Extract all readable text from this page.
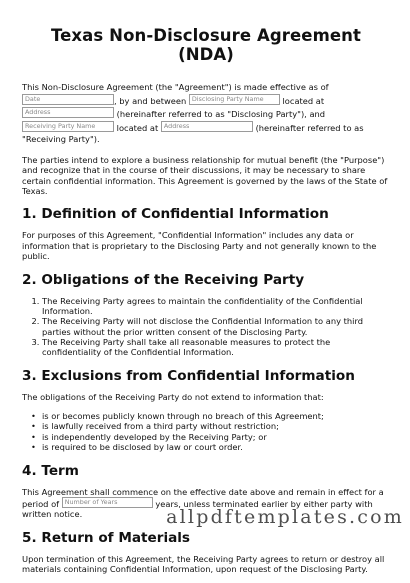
Texas Non-Disclosure Agreement (NDA)

This Non-Disclosure Agreement (the "Agreement") is made effective as of
Date	, by and between Disclosing Party Name located at
Address	(hereinafter referred to as "Disclosing Party"), and
Receiving Party Name	located at Address	(hereinafter referred to as "Receiving Party").

The parties intend to explore a business relationship for mutual benefit (the "Purpose") and recognize that in the course of their discussions, it may be necessary to share certain confidential information. This Agreement is governed by the laws of the State of Texas.

1. Definition of Confidential Information

For purposes of this Agreement, "Confidential Information" includes any data or information that is proprietary to the Disclosing Party and not generally known to the public.

2. Obligations of the Receiving Party
1. The Receiving Party agrees to maintain the confidentiality of the Confidential Information.
2. The Receiving Party will not disclose the Confidential Information to any third parties without the prior written consent of the Disclosing Party.
3. The Receiving Party shall take all reasonable measures to protect the confidentiality of the Confidential Information.
3. Exclusions from Confidential Information

The obligations of the Receiving Party do not extend to information that:

• is or becomes publicly known through no breach of this Agreement;
• is lawfully received from a third party without restriction;
• is independently developed by the Receiving Party; or
• is required to be disclosed by law or court order.
4. Term

This Agreement shall commence on the effective date above and remain in effect for a period of Number of Years	years, unless terminated earlier by either party with written notice.

5. Return of Materials

Upon termination of this Agreement, the Receiving Party agrees to return or destroy all materials containing Confidential Information, upon request of the Disclosing Party.

allpdftemplates.com
